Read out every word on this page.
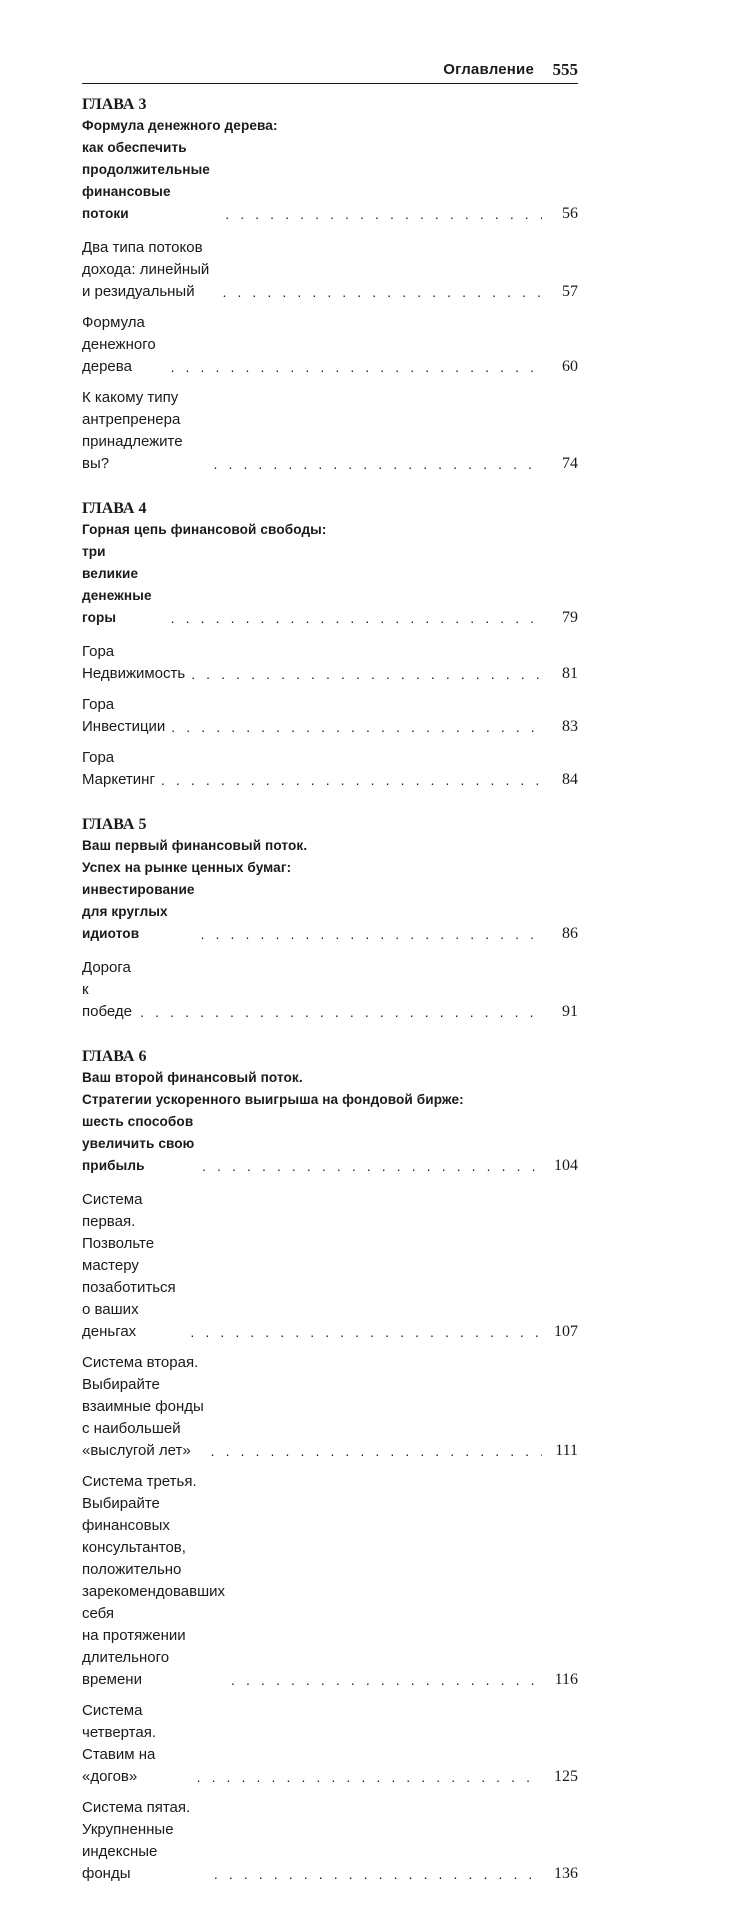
Оглавление 555
ГЛАВА 3
Формула денежного дерева:
как обеспечить продолжительные финансовые потоки . . .	56
Два типа потоков дохода: линейный и резидуальный . . .	57
Формула денежного дерева . . .	60
К какому типу антрепренера принадлежите вы? . . .	74
ГЛАВА 4
Горная цепь финансовой свободы:
три великие денежные горы . . .	79
Гора Недвижимость . . .	81
Гора Инвестиции . . .	83
Гора Маркетинг . . .	84
ГЛАВА 5
Ваш первый финансовый поток.
Успех на рынке ценных бумаг:
инвестирование для круглых идиотов . . .	86
Дорога к победе . . .	91
ГЛАВА 6
Ваш второй финансовый поток.
Стратегии ускоренного выигрыша на фондовой бирже:
шесть способов увеличить свою прибыль . . .	104
Система первая. Позвольте мастеру
позаботиться о ваших деньгах . . .	107
Система вторая. Выбирайте взаимные фонды
с наибольшей «выслугой лет» . . .	111
Система третья. Выбирайте финансовых консультантов,
положительно зарекомендовавших себя
на протяжении длительного времени . . .	116
Система четвертая. Ставим на «догов» . . .	125
Система пятая. Укрупненные индексные фонды . . .	136
